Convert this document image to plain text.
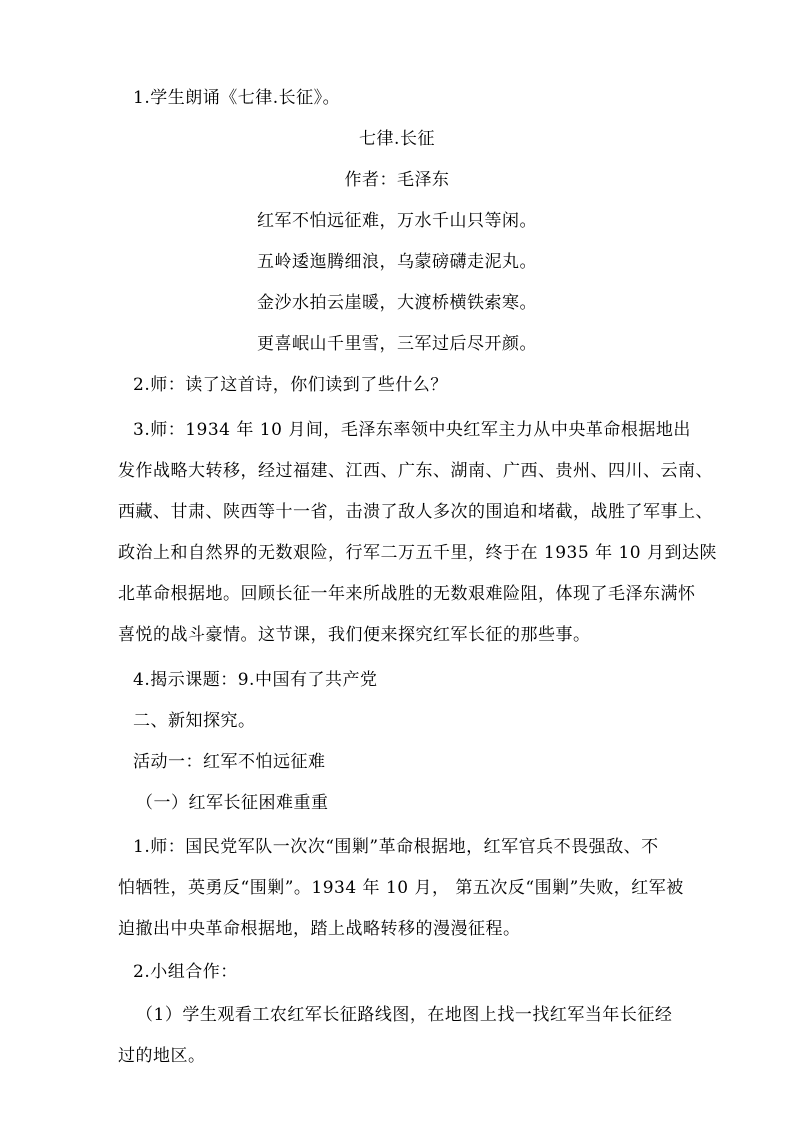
1.学生朗诵《七律.长征》。
七律.长征
作者：毛泽东
红军不怕远征难，万水千山只等闲。
五岭逶迤腾细浪，乌蒙磅礴走泥丸。
金沙水拍云崖暖，大渡桥横铁索寒。
更喜岷山千里雪，三军过后尽开颜。
2.师：读了这首诗，你们读到了些什么？
3.师：1934 年 10 月间，毛泽东率领中央红军主力从中央革命根据地出
发作战略大转移，经过福建、江西、广东、湖南、广西、贵州、四川、云南、
西藏、甘肃、陕西等十一省，击溃了敌人多次的围追和堵截，战胜了军事上、
政治上和自然界的无数艰险，行军二万五千里，终于在 1935 年 10 月到达陕
北革命根据地。回顾长征一年来所战胜的无数艰难险阻，体现了毛泽东满怀
喜悦的战斗豪情。这节课，我们便来探究红军长征的那些事。
4.揭示课题：9.中国有了共产党
二、新知探究。
活动一：红军不怕远征难
（一）红军长征困难重重
1.师：国民党军队一次次“围剿”革命根据地，红军官兵不畏强敌、不
怕牺牲，英勇反“围剿”。1934 年 10 月， 第五次反“围剿”失败，红军被
迫撤出中央革命根据地，踏上战略转移的漫漫征程。
2.小组合作：
（1）学生观看工农红军长征路线图，在地图上找一找红军当年长征经
过的地区。
